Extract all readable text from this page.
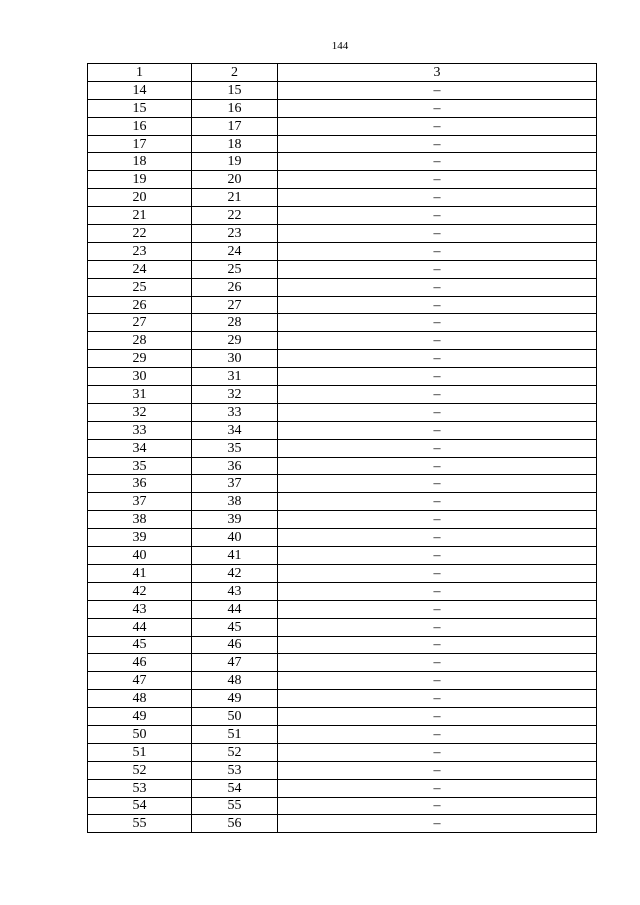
144
1	2	3
14	15	–
15	16	–
16	17	–
17	18	–
18	19	–
19	20	–
20	21	–
21	22	–
22	23	–
23	24	–
24	25	–
25	26	–
26	27	–
27	28	–
28	29	–
29	30	–
30	31	–
31	32	–
32	33	–
33	34	–
34	35	–
35	36	–
36	37	–
37	38	–
38	39	–
39	40	–
40	41	–
41	42	–
42	43	–
43	44	–
44	45	–
45	46	–
46	47	–
47	48	–
48	49	–
49	50	–
50	51	–
51	52	–
52	53	–
53	54	–
54	55	–
55	56	–
